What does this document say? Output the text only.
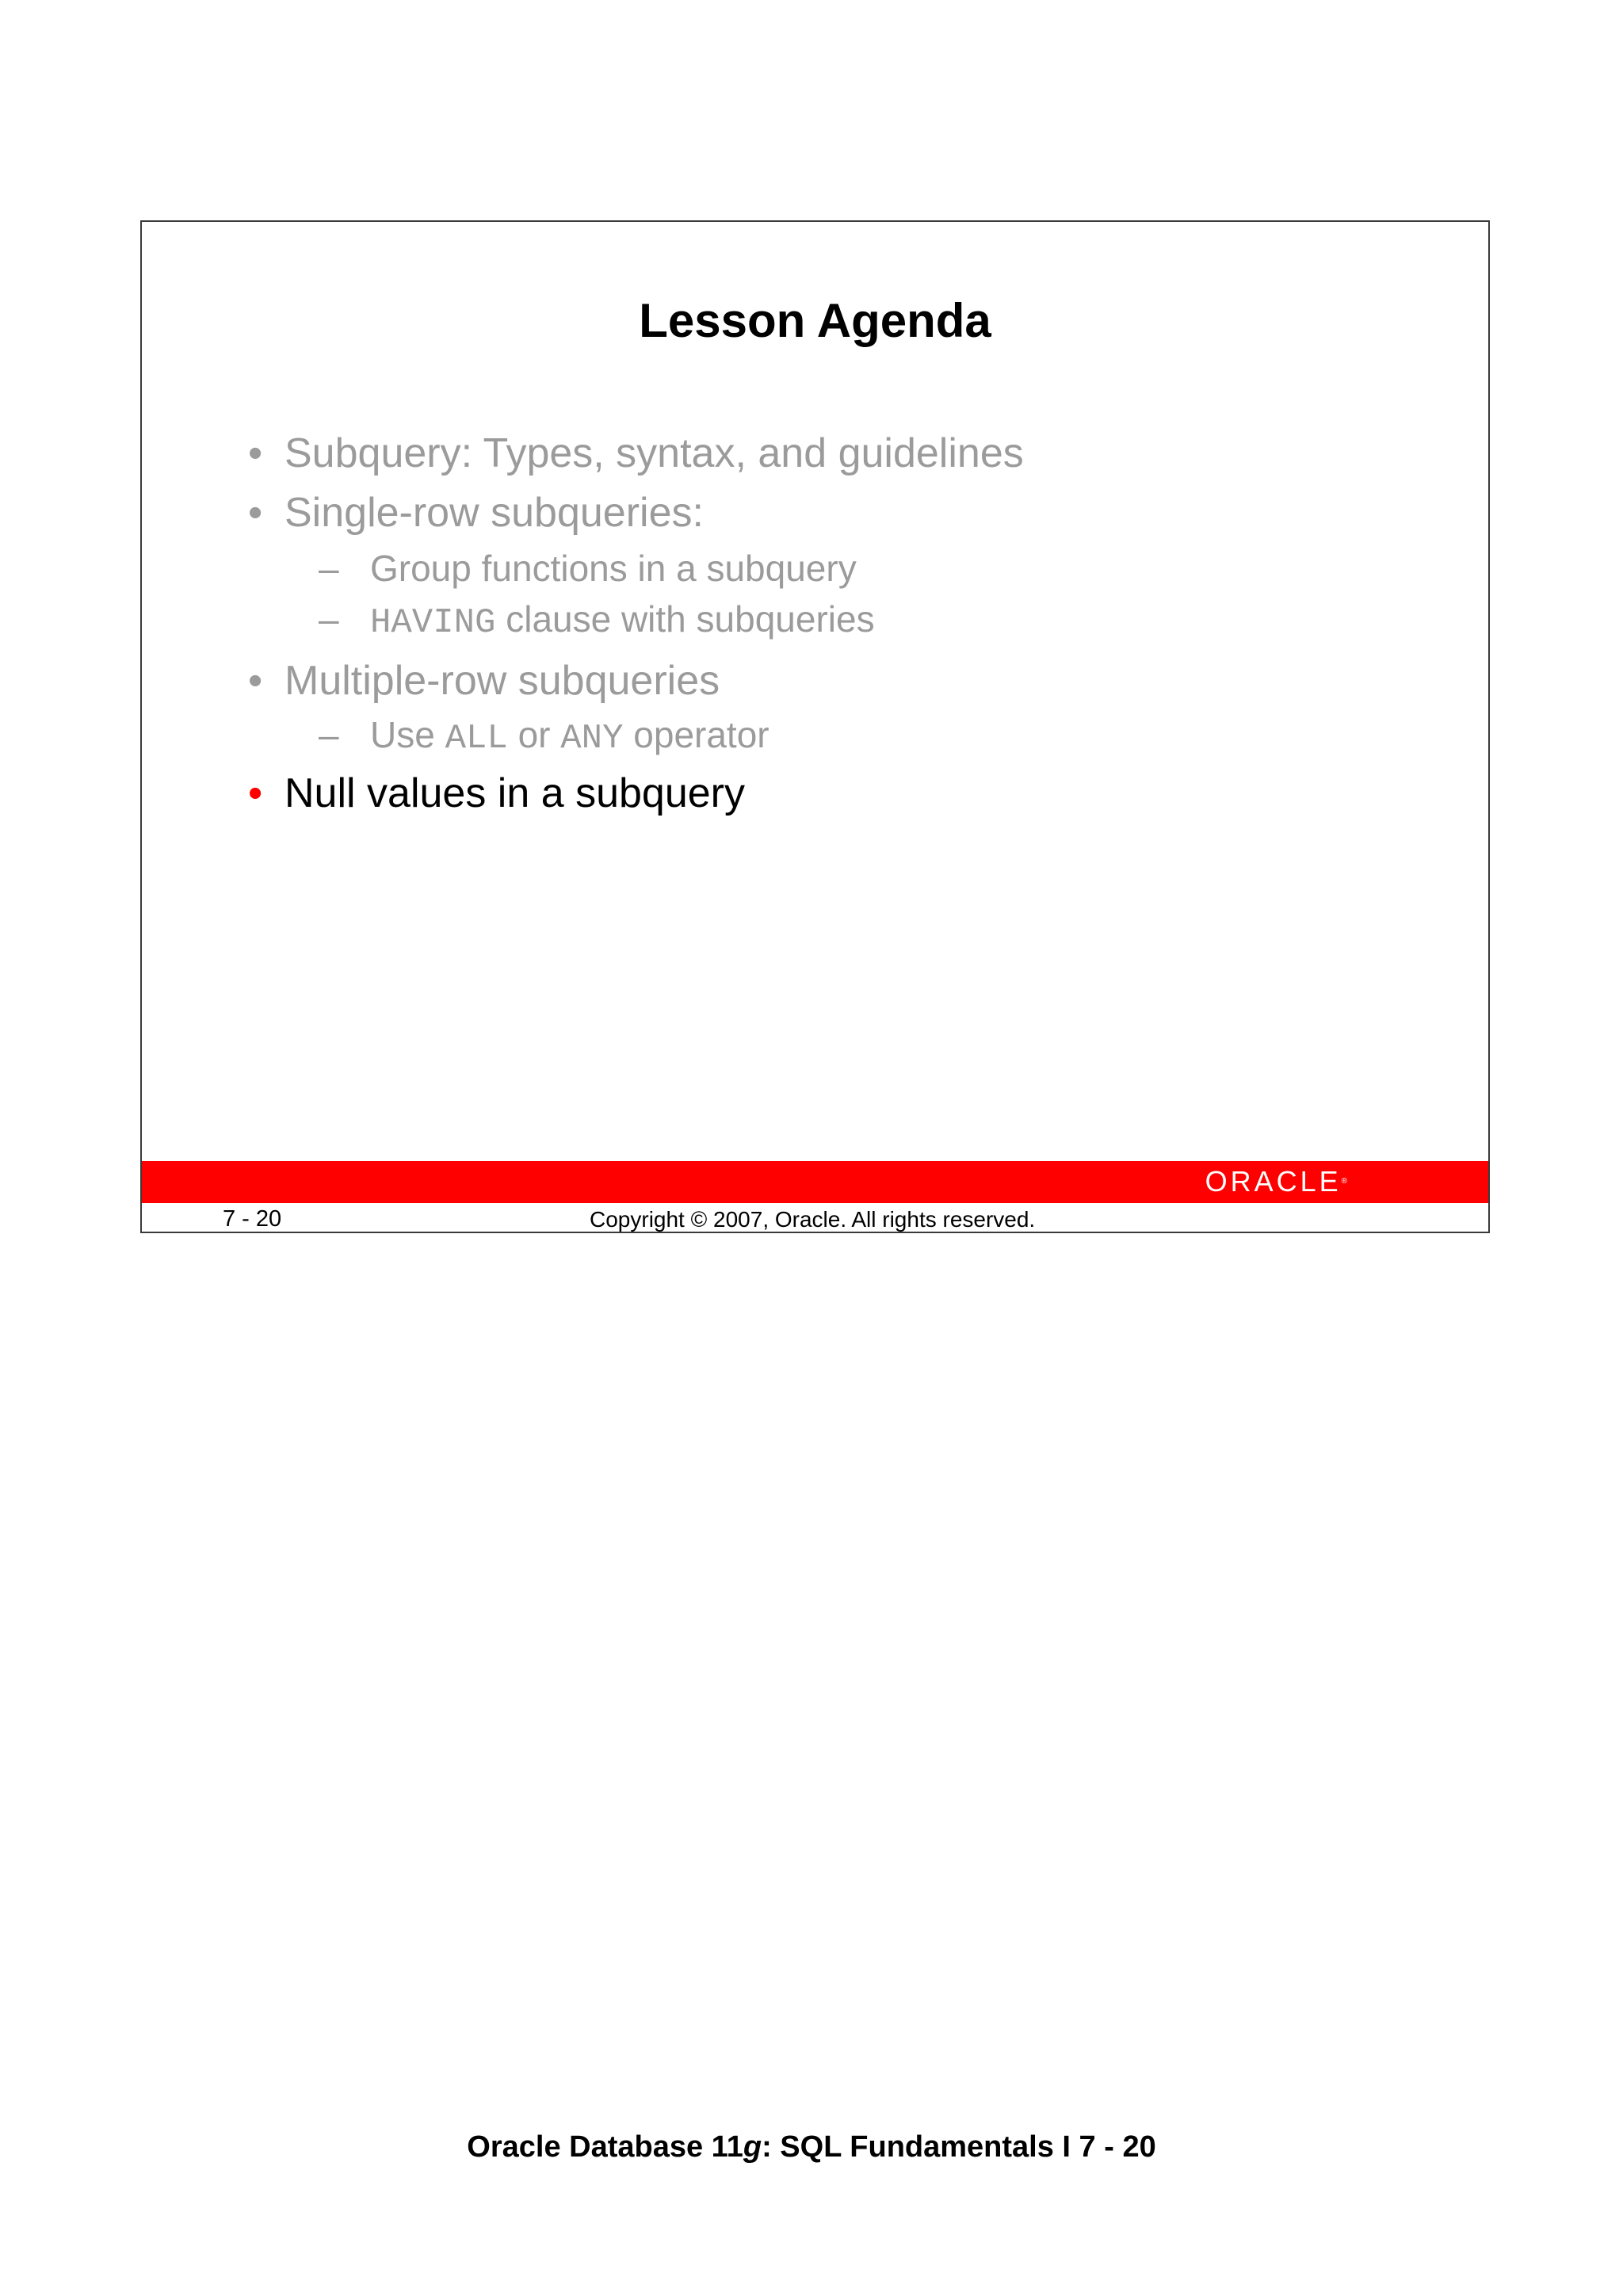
Lesson Agenda
• Subquery: Types, syntax, and guidelines
• Single-row subqueries:
– Group functions in a subquery
– HAVING clause with subqueries
• Multiple-row subqueries
– Use ALL or ANY operator
• Null values in a subquery
ORACLE®
7 - 20	Copyright © 2007, Oracle. All rights reserved.
Oracle Database 11g: SQL Fundamentals I 7 - 20
